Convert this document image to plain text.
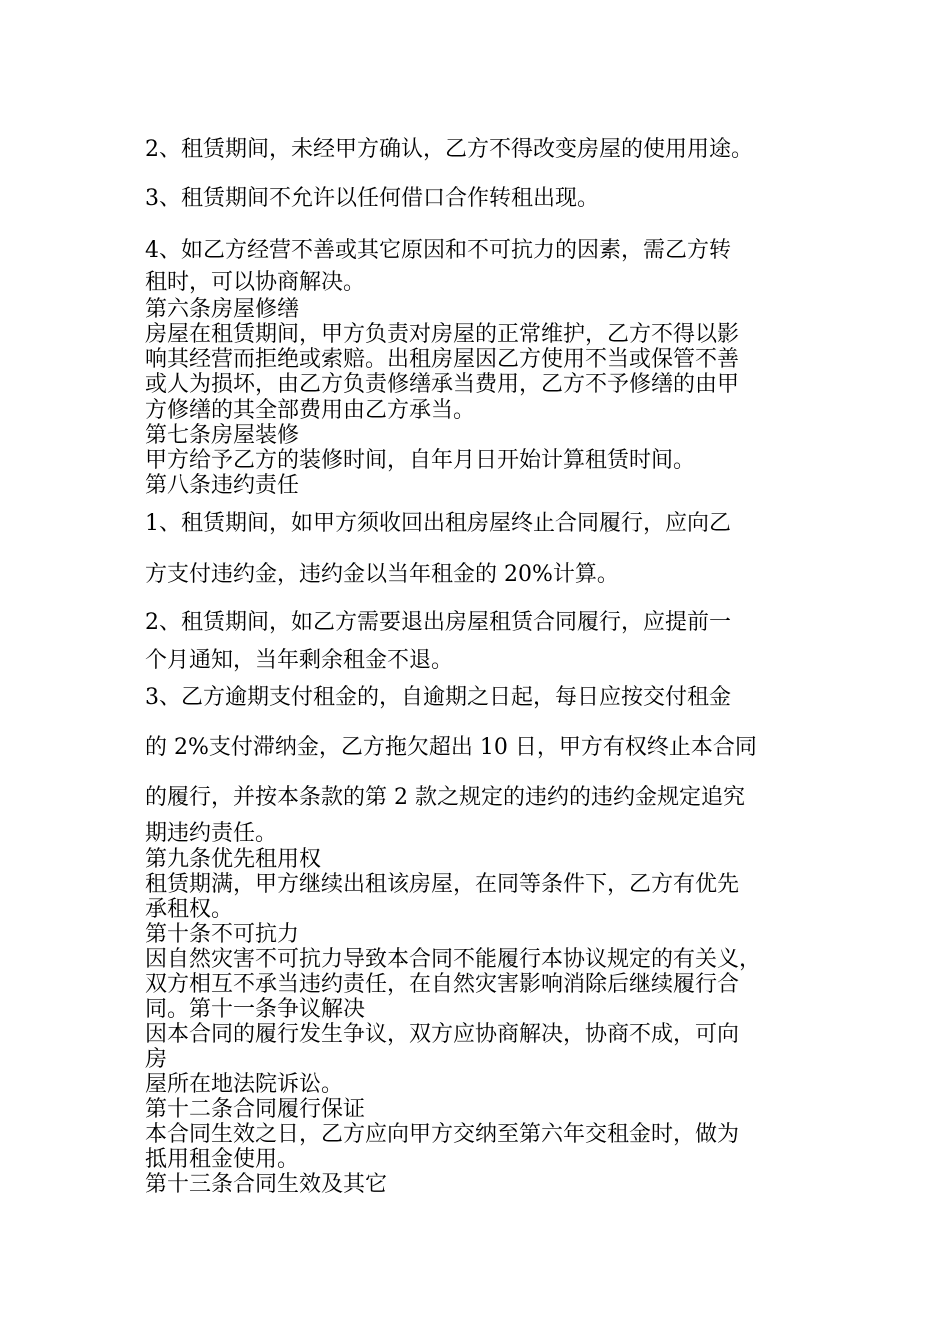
2、租赁期间，未经甲方确认，乙方不得改变房屋的使用用途。
3、租赁期间不允许以任何借口合作转租出现。
4、如乙方经营不善或其它原因和不可抗力的因素，需乙方转
租时，可以协商解决。
第六条房屋修缮
房屋在租赁期间，甲方负责对房屋的正常维护，乙方不得以影
响其经营而拒绝或索赔。出租房屋因乙方使用不当或保管不善
或人为损坏，由乙方负责修缮承当费用，乙方不予修缮的由甲
方修缮的其全部费用由乙方承当。
第七条房屋装修
甲方给予乙方的装修时间，自年月日开始计算租赁时间。
第八条违约责任
1、租赁期间，如甲方须收回出租房屋终止合同履行，应向乙
方支付违约金，违约金以当年租金的 20%计算。
2、租赁期间，如乙方需要退出房屋租赁合同履行，应提前一
个月通知，当年剩余租金不退。
3、乙方逾期支付租金的，自逾期之日起，每日应按交付租金
的 2%支付滞纳金，乙方拖欠超出 10 日，甲方有权终止本合同
的履行，并按本条款的第 2 款之规定的违约的违约金规定追究
期违约责任。
第九条优先租用权
租赁期满，甲方继续出租该房屋，在同等条件下，乙方有优先
承租权。
第十条不可抗力
因自然灾害不可抗力导致本合同不能履行本协议规定的有关义，
双方相互不承当违约责任，在自然灾害影响消除后继续履行合
同。第十一条争议解决
因本合同的履行发生争议，双方应协商解决，协商不成，可向
房
屋所在地法院诉讼。
第十二条合同履行保证
本合同生效之日，乙方应向甲方交纳至第六年交租金时，做为
抵用租金使用。
第十三条合同生效及其它
